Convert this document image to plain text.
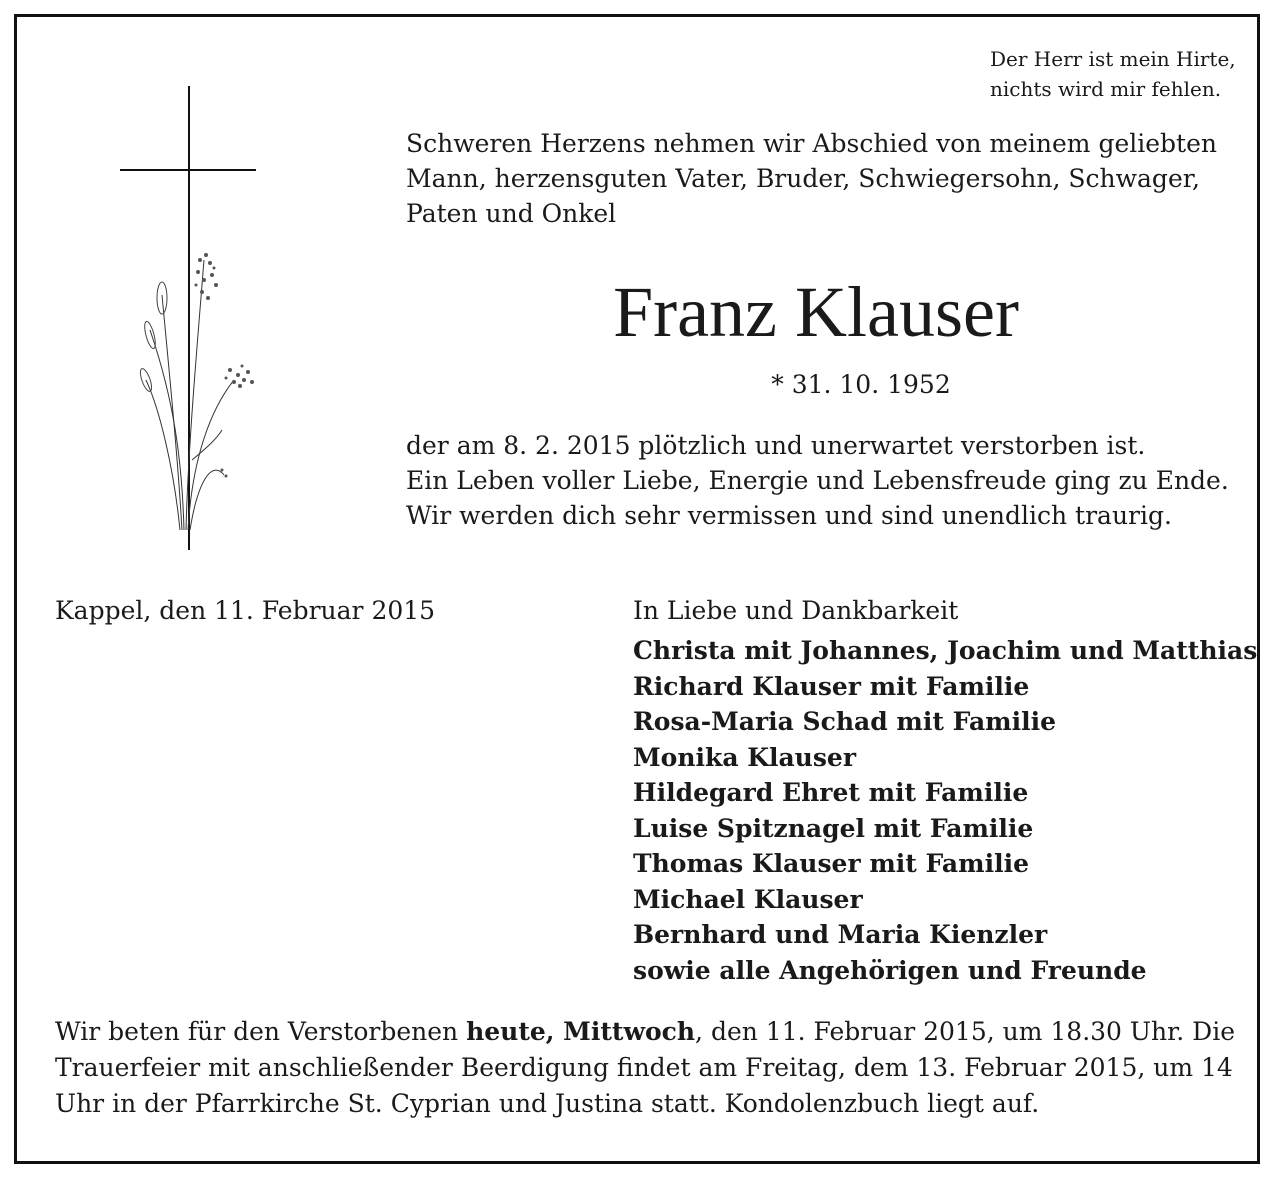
Der Herr ist mein Hirte,
nichts wird mir fehlen.
Schweren Herzens nehmen wir Abschied von meinem geliebten
Mann, herzensguten Vater, Bruder, Schwiegersohn, Schwager,
Paten und Onkel
Franz Klauser
* 31. 10. 1952
der am 8. 2. 2015 plötzlich und unerwartet verstorben ist.
Ein Leben voller Liebe, Energie und Lebensfreude ging zu Ende.
Wir werden dich sehr vermissen und sind unendlich traurig.
Kappel, den 11. Februar 2015	In Liebe und Dankbarkeit
Christa mit Johannes, Joachim und Matthias
Richard Klauser mit Familie
Rosa-Maria Schad mit Familie
Monika Klauser
Hildegard Ehret mit Familie
Luise Spitznagel mit Familie
Thomas Klauser mit Familie
Michael Klauser
Bernhard und Maria Kienzler
sowie alle Angehörigen und Freunde
Wir beten für den Verstorbenen heute, Mittwoch, den 11. Februar 2015, um 18.30 Uhr. Die Trauerfeier mit anschließender Beerdigung findet am Freitag, dem 13. Februar 2015, um 14 Uhr in der Pfarrkirche St. Cyprian und Justina statt. Kondolenzbuch liegt auf.
